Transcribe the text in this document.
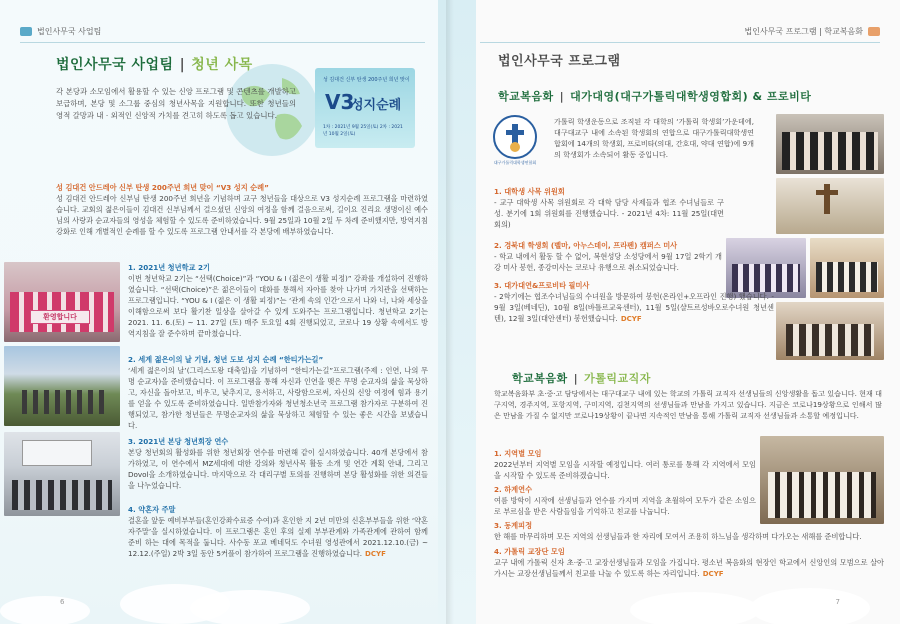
법인사무국 사업팀
법인사무국 사업팀 | 청년 사목
성 김대건 신부 탄생 200주년 희년 맞이
V3
성지순례
1차 : 2021년 9월 25일(토) 2차 : 2021년 10월 2일(토)
각 본당과 소모임에서 활용할 수 있는 신앙 프로그램 및 콘텐츠를 개발하고 보급하며, 본당 및 소그룹 중심의 청년사목을 지원합니다. 또한 청년들의 영적 갈망과 내 · 외적인 신앙적 가치를 견고히 하도록 돕고 있습니다.
성 김대건 안드레아 신부 탄생 200주년 희년 맞이 “V3 성지 순례”

성 김대건 안드레아 신부님 탄생 200주년 희년을 기념하며 교구 청년들을 대상으로 V3 성지순례 프로그램을 마련하였습니다. 교회의 젊은이들이 김대건 신부님께서 걸으셨던 신앙의 여정을 함께 걸음으로써, 길이요 진리요 생명이신 예수님의 사랑과 순교자들의 영성을 체험할 수 있도록 준비하였습니다. 9월 25일과 10월 2일 두 차례 준비했지만, 방역지침강화로 인해 개별적인 순례를 할 수 있도록 프로그램 안내서를 각 본당에 배부하였습니다.

환영합니다
1. 2021년 청년학교 2기

이번 청년학교 2기는 “선택(Choice)”과 “YOU & I (젊은이 생활 피정)” 강좌를 개설하여 진행하였습니다. “선택(Choice)”은 젊은이들이 대화를 통해서 자아를 찾아 나가며 가치관을 선택하는 프로그램입니다. “YOU & I (젊은 이 생활 피정)”는 ‘관계 속의 인간’으로서 나와 너, 나와 세상을 이해함으로써 보다 활기찬 일상을 살아갈 수 있게 도와주는 프로그램입니다. 청년학교 2기는 2021. 11. 6.(토) ~ 11. 27일 (토) 매주 토요일 4회 진행되었고, 코로나 19 상황 속에서도 방역지침을 잘 준수하며 끝마쳤습니다.

2. 세계 젊은이의 날 기념, 청년 도보 성지 순례 “한티가는길”

‘세계 젊은이의 날’(그리스도왕 대축일)을 기념하여 “한티가는길”프로그램(주제 : 인연, 나의 무명 순교자)을 준비했습니다. 이 프로그램을 통해 자신과 인연을 맺은 무명 순교자의 삶을 묵상하고, 자신을 돌아보고, 비우고, 낮추지고, 용서하고, 사랑함으로써, 자신의 신앙 여정에 힘과 용기를 얻을 수 있도록 준비하였습니다. 일반참가자와 청년청소년국 프로그램 참가자로 구분하여 진행되었고, 참가한 청년들은 무명순교자의 삶을 묵상하고 체험할 수 있는 좋은 시간을 보냈습니다.

3. 2021년 본당 청년회장 연수

본당 청년회의 활성화를 위한 청년회장 연수를 마련해 같이 실시하였습니다. 40개 본당에서 참가하였고, 이 연수에서 MZ세대에 대한 강의와 청년사목 활동 소개 및 연간 계획 안내, 그리고 Dovol을 소개하였습니다. 마지막으로 각 대리구별 토의를 진행하며 본당 활성화를 위한 의견들을 나누었습니다.

4. 약혼자 주말

결혼을 앞둔 예비부부들(혼인강좌수료증 수여)과 혼인한 지 2년 미만의 신혼부부들을 위한 ‘약혼자주말’을 실시하였습니다. 이 프로그램은 혼인 후의 실제 부부관계와 가족관계에 관하여 함께 준비 하는 대에 목적을 둡니다. 사수동 포교 베네딕도 수녀원 영성관에서 2021.12.10.(금) ~ 12.12.(주일) 2박 3일 동안 5커플이 참가하여 프로그램을 진행하였습니다. DCYF

6
법인사무국 프로그램 | 학교복음화
법인사무국 프로그램
학교복음화 | 대가대영(대구가톨릭대학생영합회) & 프로비타
대구가톨릭대학생연합회
가톨릭 학생운동으로 조직된 각 대학의 ‘가톨릭 학생회’가운데에, 대구대교구 내에 소속된 학생회의 연합으로 대구가톨릭대학생연합회에 14개의 학생회, 프로비타(의대, 간호대, 약대 연합)에 9개의 학생회가 소속되어 활동 중입니다.
1. 대학생 사목 위원회

- 교구 대학생 사목 위원회로 각 대학 담당 사제들과 협조 수녀님들로 구성. 분기에 1회 위원회를 진행했습니다. - 2021년 4차: 11월 25일(대면회의)

2. 경북대 학생회 (벨마, 아누스데이, 프라펜) 캠퍼스 미사

- 학교 내에서 활동 할 수 없어, 복현성당 소성당에서 9월 17일 2학기 개강 미사 봉헌, 종강미사는 코로나 유행으로 취소되었습니다.

3. 대가대연&프로비타 필미사

- 2학기에는 협조수녀님들의 수녀원을 방문하여 봉헌(온라인+오프라인 진행) 했습니다. - 9월 3일(베네딘), 10월 8일(바틀르교육센터), 11월 5일(샬트르성바오로수녀원 청년센텐), 12월 3일(대안센터) 봉헌했습니다. DCYF

학교복음화 | 가톨릭교직자
학교복음화부 초·중·고 담당에서는 대구대교구 내에 있는 학교의 가톨릭 교직자 선생님들의 신앙생활을 돕고 있습니다. 현재 대구지역, 경주지역, 포항지역, 구미지역, 김천지역의 선생님들과 만남을 가지고 있습니다. 지금은 코로나19상황으로 인해서 많은 만남을 가질 수 없지만 코로나19상황이 끝나면 지속적인 만남을 통해 가톨릭 교직자 선생님들과 소통할 예정입니다.
1. 지역별 모임

2022년부터 지역별 모임을 시작할 예정입니다. 여러 통로를 통해 각 지역에서 모임을 시작할 수 있도록 준비하겠습니다.

2. 하계연수

여름 방학이 시작에 선생님들과 연수를 가지며 지역을 초월하여 모두가 같은 소임으로 부르심을 받은 사람들임을 기억하고 친교를 나눕니다.

3. 동계피정

한 해를 마무리하며 모든 지역의 선생님들과 한 자리에 모여서 조용히 하느님을 생각하며 다가오는 새해를 준비합니다.

4. 가톨릭 교장단 모임

교구 내에 가톨릭 신자 초·중·고 교장선생님들과 모임을 가집니다. 평소년 복음화의 현장인 학교에서 신앙인의 모범으로 살아가시는 교장선생님들께서 친교를 나눌 수 있도록 하는 자리입니다. DCYF

7
